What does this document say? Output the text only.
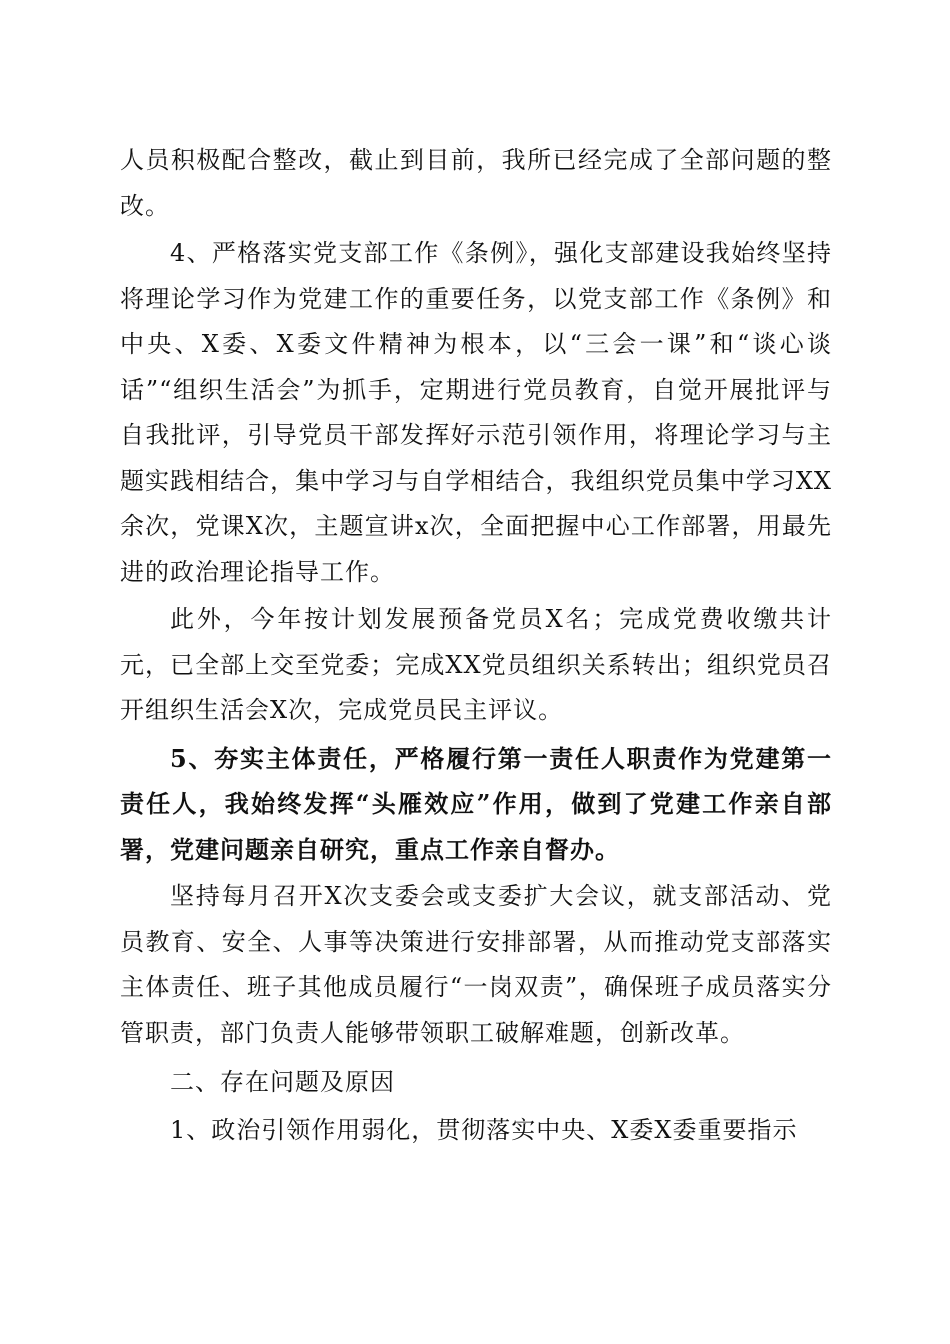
人员积极配合整改，截止到目前，我所已经完成了全部问题的整改。

4、严格落实党支部工作《条例》，强化支部建设我始终坚持将理论学习作为党建工作的重要任务，以党支部工作《条例》和中央、X委、X委文件精神为根本，以“三会一课”和“谈心谈话”“组织生活会”为抓手，定期进行党员教育，自觉开展批评与自我批评，引导党员干部发挥好示范引领作用，将理论学习与主题实践相结合，集中学习与自学相结合，我组织党员集中学习XX余次，党课X次，主题宣讲x次，全面把握中心工作部署，用最先进的政治理论指导工作。

此外，今年按计划发展预备党员X名；完成党费收缴共计元，已全部上交至党委；完成XX党员组织关系转出；组织党员召开组织生活会X次，完成党员民主评议。

5、夯实主体责任，严格履行第一责任人职责作为党建第一责任人，我始终发挥“头雁效应”作用，做到了党建工作亲自部署，党建问题亲自研究，重点工作亲自督办。

坚持每月召开X次支委会或支委扩大会议，就支部活动、党员教育、安全、人事等决策进行安排部署，从而推动党支部落实主体责任、班子其他成员履行“一岗双责”，确保班子成员落实分管职责，部门负责人能够带领职工破解难题，创新改革。

二、存在问题及原因

1、政治引领作用弱化，贯彻落实中央、X委X委重要指示
